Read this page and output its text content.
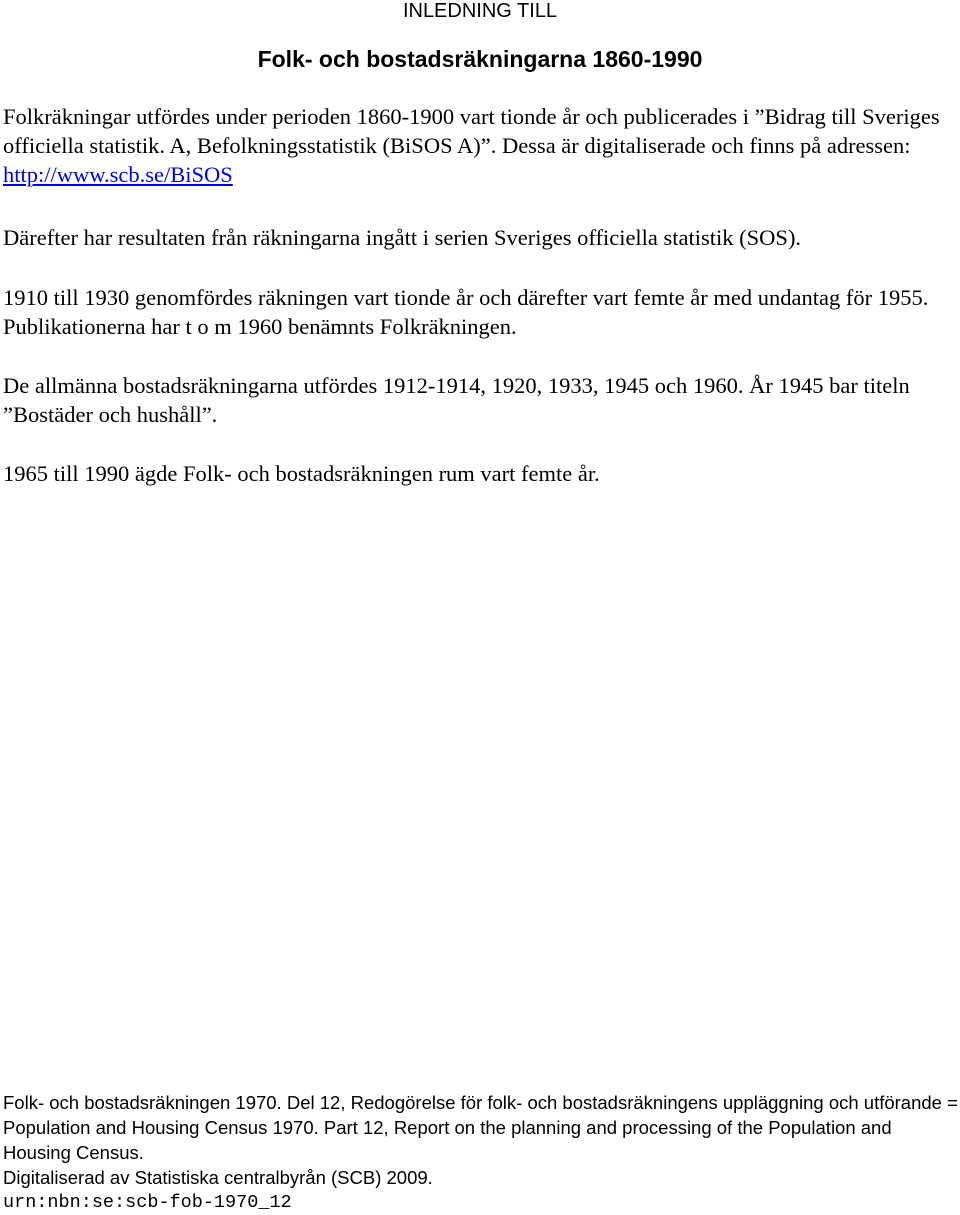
INLEDNING TILL
Folk- och bostadsräkningarna 1860-1990

Folkräkningar utfördes under perioden 1860-1900 vart tionde år och publicerades i ”Bidrag till Sveriges officiella statistik. A, Befolkningsstatistik (BiSOS A)”. Dessa är digitaliserade och finns på adressen: http://www.scb.se/BiSOS

Därefter har resultaten från räkningarna ingått i serien Sveriges officiella statistik (SOS).

1910 till 1930 genomfördes räkningen vart tionde år och därefter vart femte år med undantag för 1955. Publikationerna har t o m 1960 benämnts Folkräkningen.

De allmänna bostadsräkningarna utfördes 1912-1914, 1920, 1933, 1945 och 1960. År 1945 bar titeln ”Bostäder och hushåll”.

1965 till 1990 ägde Folk- och bostadsräkningen rum vart femte år.

Folk- och bostadsräkningen 1970. Del 12, Redogörelse för folk- och bostadsräkningens uppläggning och utförande = Population and Housing Census 1970. Part 12, Report on the planning and processing of the Population and Housing Census.

Digitaliserad av Statistiska centralbyrån (SCB) 2009.

urn:nbn:se:scb-fob-1970_12
